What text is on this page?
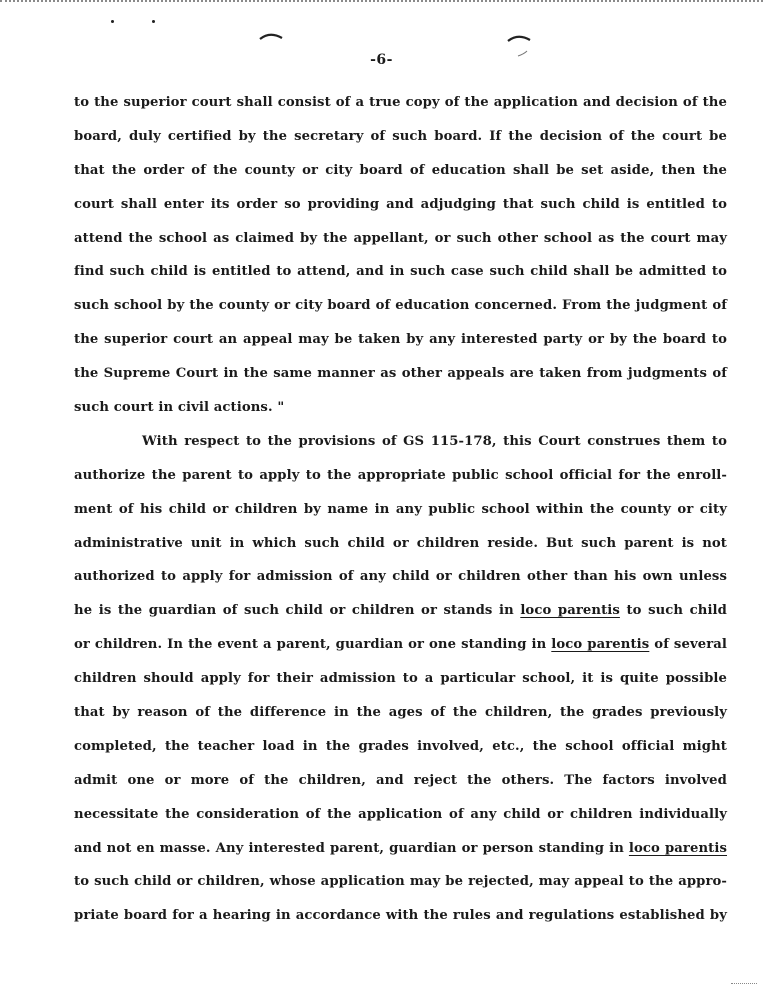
-6-
to the superior court shall consist of a true copy of the application and decision of the
board, duly certified by the secretary of such board. If the decision of the court be
that the order of the county or city board of education shall be set aside, then the
court shall enter its order so providing and adjudging that such child is entitled to
attend the school as claimed by the appellant, or such other school as the court may
find such child is entitled to attend, and in such case such child shall be admitted to
such school by the county or city board of education concerned. From the judgment of
the superior court an appeal may be taken by any interested party or by the board to
the Supreme Court in the same manner as other appeals are taken from judgments of
such court in civil actions. "
With respect to the provisions of GS 115-178, this Court construes them to
authorize the parent to apply to the appropriate public school official for the enroll-
ment of his child or children by name in any public school within the county or city
administrative unit in which such child or children reside. But such parent is not
authorized to apply for admission of any child or children other than his own unless
he is the guardian of such child or children or stands in loco parentis to such child
or children. In the event a parent, guardian or one standing in loco parentis of several
children should apply for their admission to a particular school, it is quite possible
that by reason of the difference in the ages of the children, the grades previously
completed, the teacher load in the grades involved, etc., the school official might
admit one or more of the children, and reject the others. The factors involved
necessitate the consideration of the application of any child or children individually
and not en masse. Any interested parent, guardian or person standing in loco parentis
to such child or children, whose application may be rejected, may appeal to the appro-
priate board for a hearing in accordance with the rules and regulations established by
